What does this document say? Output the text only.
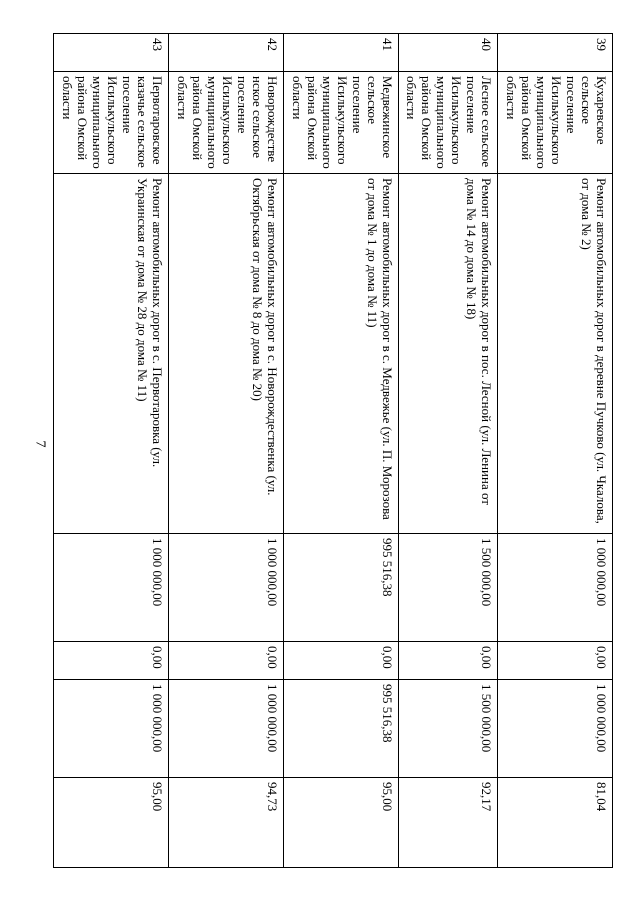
7
39	Кухаревское сельское поселение Исилькульского муниципального района Омской области	Ремонт автомобильных дорог в деревне Пучково (ул. Чкалова, от дома № 2)	1 000 000,00	0,00	1 000 000,00	81,04
40	Лесное сельское поселение Исилькульского муниципального района Омской области	Ремонт автомобильных дорог в пос. Лесной (ул. Ленина от дома № 14 до дома № 18)	1 500 000,00	0,00	1 500 000,00	92,17
41	Медвежинское сельское поселение Исилькульского муниципального района Омской области	Ремонт автомобильных дорог в с. Медвежье (ул. П. Морозова от дома № 1 до дома № 11)	995 516,38	0,00	995 516,38	95,00
42	Новорождественское сельское поселение Исилькульского муниципального района Омской области	Ремонт автомобильных дорог в с. Новорождественка (ул. Октябрьская от дома № 8 до дома № 20)	1 000 000,00	0,00	1 000 000,00	94,73
43	Первотаровское казачье сельское поселение Исилькульского муниципального района Омской области	Ремонт автомобильных дорог в с. Первотаровка (ул. Украинская от дома № 28 до дома № 11)	1 000 000,00	0,00	1 000 000,00	95,00
